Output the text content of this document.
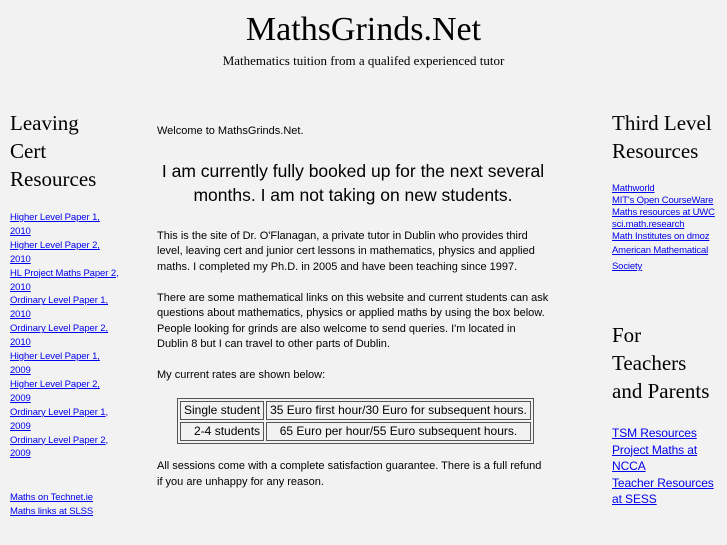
MathsGrinds.Net
Mathematics tuition from a qualifed experienced tutor
Leaving
Cert
Resources
Higher Level Paper 1, 2010
Higher Level Paper 2, 2010
HL Project Maths Paper 2, 2010
Ordinary Level Paper 1, 2010
Ordinary Level Paper 2, 2010
Higher Level Paper 1, 2009
Higher Level Paper 2, 2009
Ordinary Level Paper 1, 2009
Ordinary Level Paper 2, 2009
Maths on Technet.ie
Maths links at SLSS

Welcome to MathsGrinds.Net.

I am currently fully booked up for the next several months. I am not taking on new students.

This is the site of Dr. O'Flanagan, a private tutor in Dublin who provides third level, leaving cert and junior cert lessons in mathematics, physics and applied maths. I completed my Ph.D. in 2005 and have been teaching since 1997.

There are some mathematical links on this website and current students can ask questions about mathematics, physics or applied maths by using the box below. People looking for grinds are also welcome to send queries. I'm located in Dublin 8 but I can travel to other parts of Dublin.

My current rates are shown below:

Single student	35 Euro first hour/30 Euro for subsequent hours.
2-4 students	65 Euro per hour/55 Euro subsequent hours.

All sessions come with a complete satisfaction guarantee. There is a full refund if you are unhappy for any reason.

Third Level
Resources
Mathworld
MIT's Open CourseWare
Maths resources at UWC
sci.math.research
Math Institutes on dmoz
American Mathematical Society
For
Teachers
and Parents
TSM Resources
Project Maths at NCCA
Teacher Resources at SESS
